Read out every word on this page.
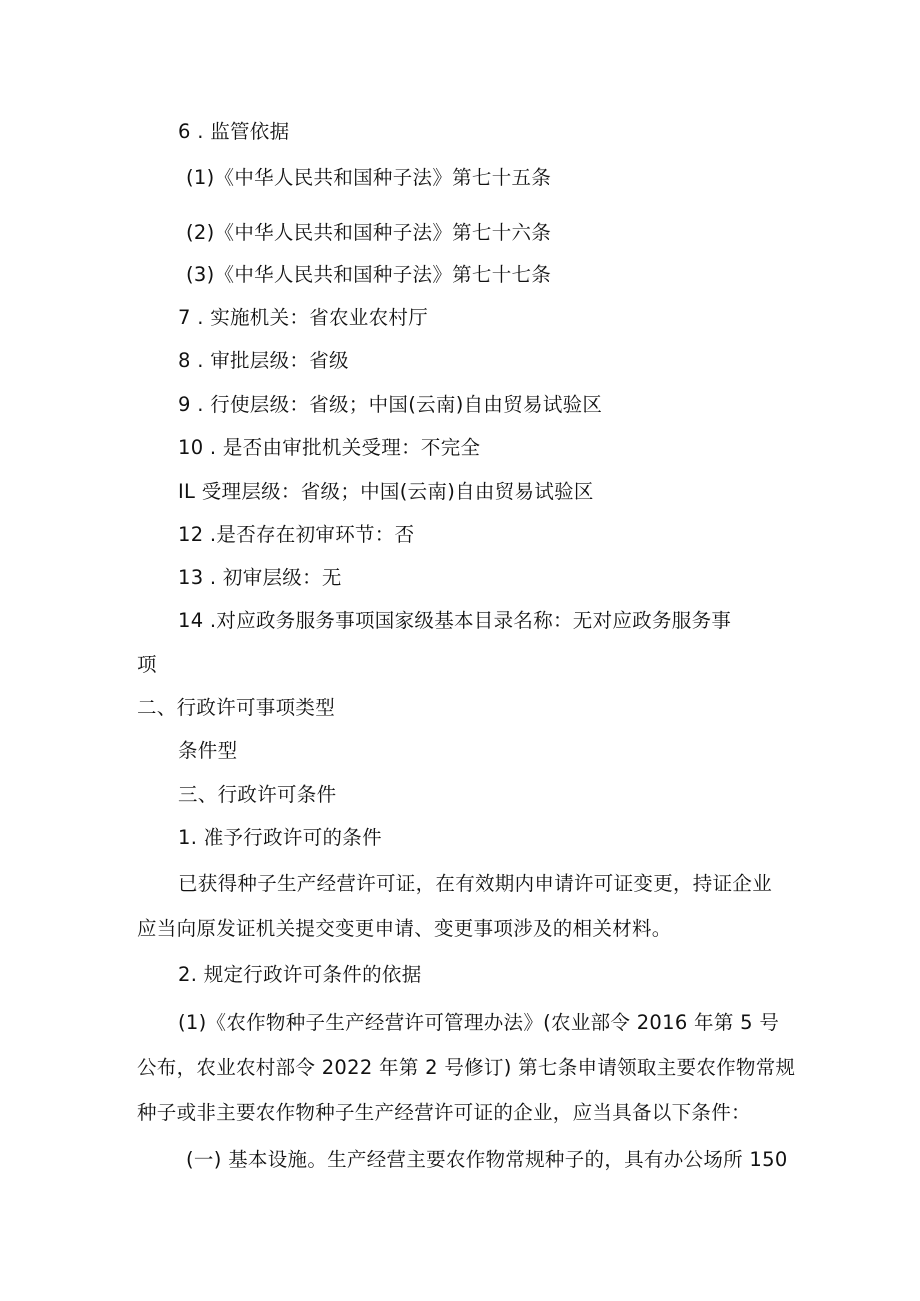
6 . 监管依据
(1)《中华人民共和国种子法》第七十五条
(2)《中华人民共和国种子法》第七十六条
(3)《中华人民共和国种子法》第七十七条
7 . 实施机关：省农业农村厅
8 . 审批层级：省级
9 . 行使层级：省级；中国(云南)自由贸易试验区
10 . 是否由审批机关受理：不完全
IL 受理层级：省级；中国(云南)自由贸易试验区
12 .是否存在初审环节：否
13 . 初审层级：无
14 .对应政务服务事项国家级基本目录名称：无对应政务服务事
项
二、行政许可事项类型
条件型
三、行政许可条件
1. 准予行政许可的条件
已获得种子生产经营许可证，在有效期内申请许可证变更，持证企业
应当向原发证机关提交变更申请、变更事项涉及的相关材料。
2. 规定行政许可条件的依据
(1)《农作物种子生产经营许可管理办法》(农业部令 2016 年第 5 号
公布，农业农村部令 2022 年第 2 号修订) 第七条申请领取主要农作物常规
种子或非主要农作物种子生产经营许可证的企业，应当具备以下条件：
(一) 基本设施。生产经营主要农作物常规种子的，具有办公场所 150
